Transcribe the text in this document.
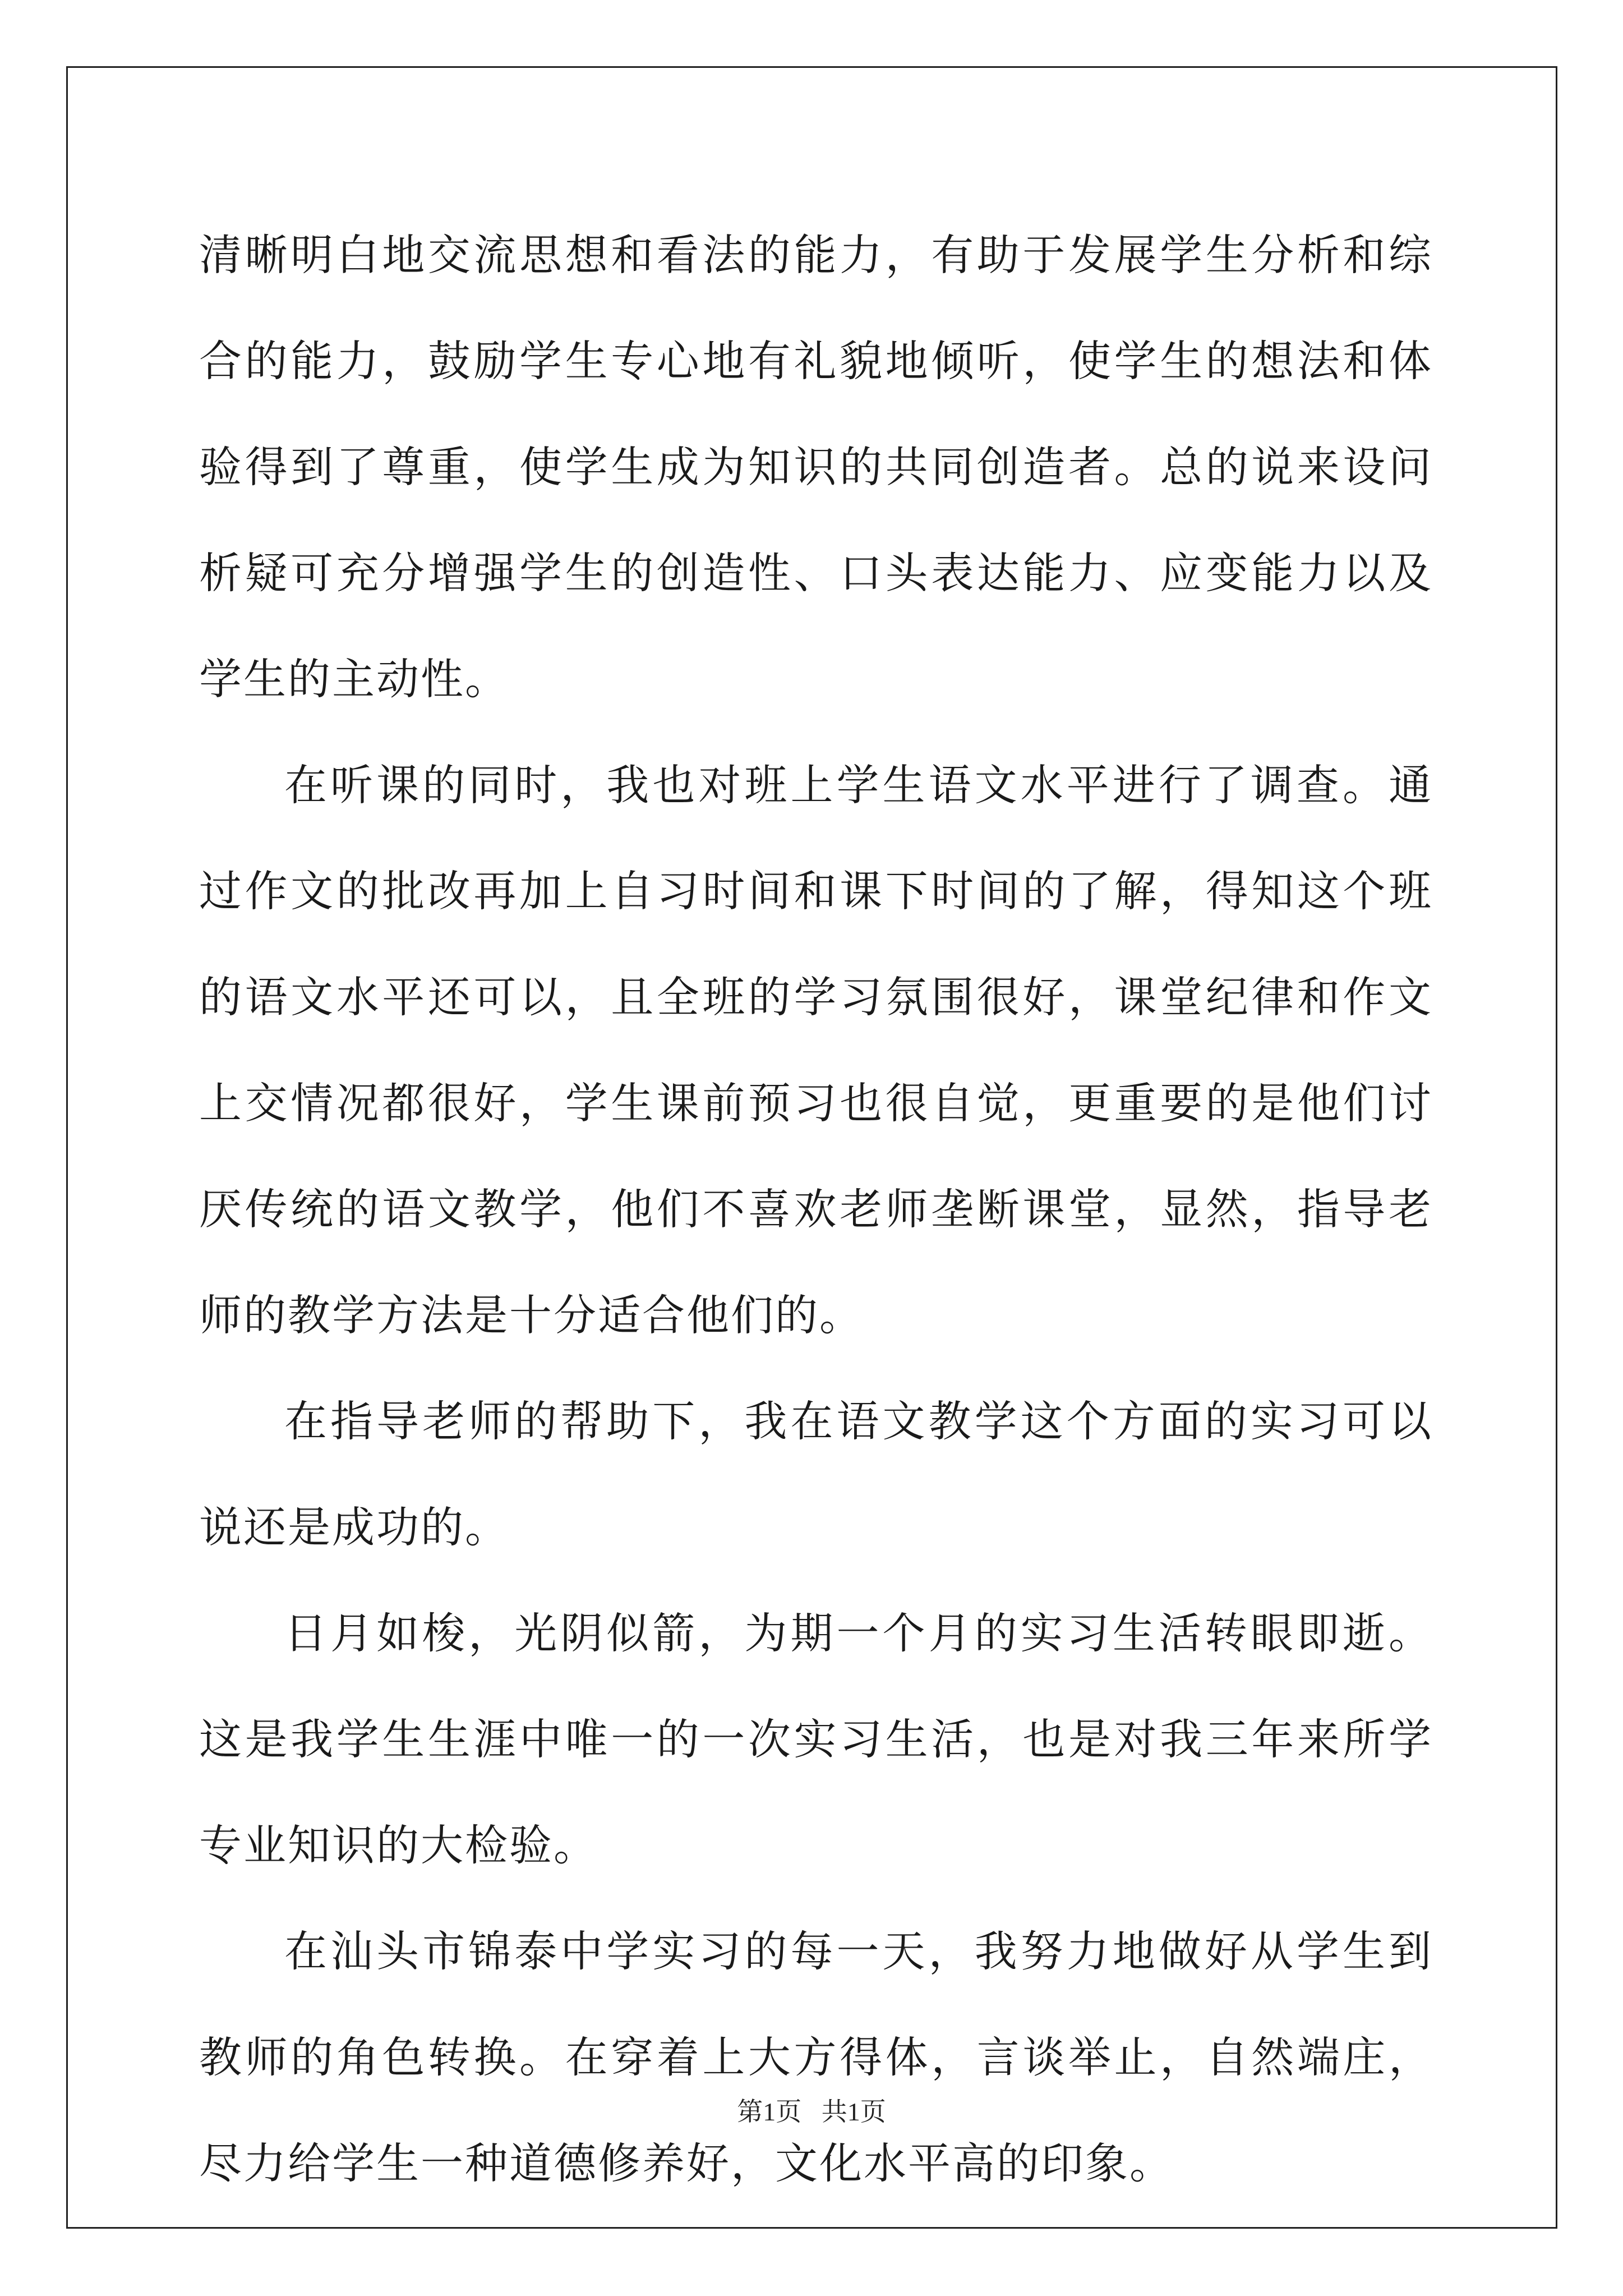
清晰明白地交流思想和看法的能力，有助于发展学生分析和综合的能力，鼓励学生专心地有礼貌地倾听，使学生的想法和体验得到了尊重，使学生成为知识的共同创造者。总的说来设问析疑可充分增强学生的创造性、口头表达能力、应变能力以及学生的主动性。

在听课的同时，我也对班上学生语文水平进行了调查。通过作文的批改再加上自习时间和课下时间的了解，得知这个班的语文水平还可以，且全班的学习氛围很好，课堂纪律和作文上交情况都很好，学生课前预习也很自觉，更重要的是他们讨厌传统的语文教学，他们不喜欢老师垄断课堂，显然，指导老师的教学方法是十分适合他们的。

在指导老师的帮助下，我在语文教学这个方面的实习可以说还是成功的。

日月如梭，光阴似箭，为期一个月的实习生活转眼即逝。这是我学生生涯中唯一的一次实习生活，也是对我三年来所学专业知识的大检验。

在汕头市锦泰中学实习的每一天，我努力地做好从学生到教师的角色转换。在穿着上大方得体，言谈举止，自然端庄，尽力给学生一种道德修养好，文化水平高的印象。

第1页 共1页
